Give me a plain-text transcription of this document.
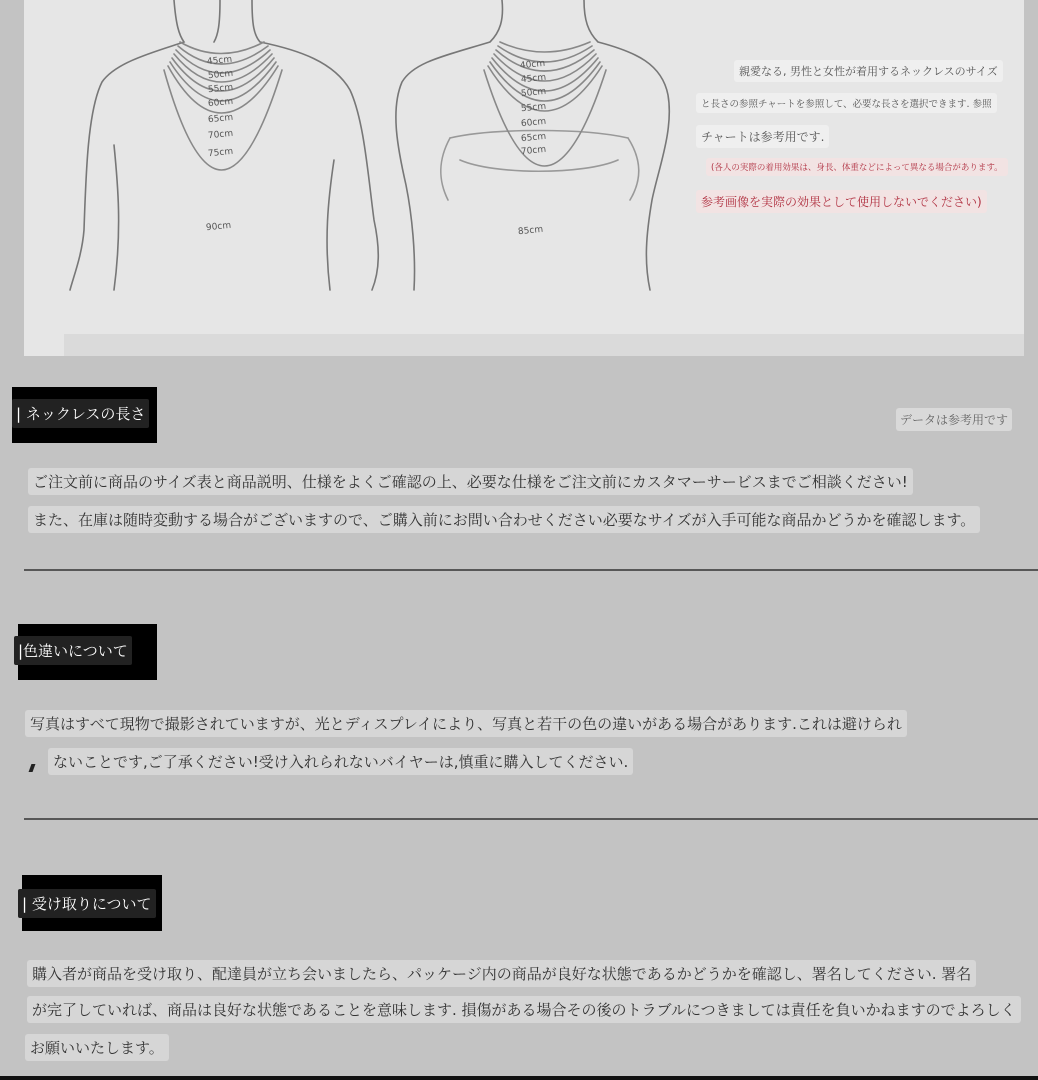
45cm
50cm
55cm
60cm
65cm
70cm
75cm
90cm
40cm
45cm
50cm
55cm
60cm
65cm
70cm
85cm
親愛なる, 男性と女性が着用するネックレスのサイズ
と長さの参照チャートを参照して、必要な長さを選択できます. 参照
チャートは参考用です.
(各人の実際の着用効果は、身長、体重などによって異なる場合があります。
参考画像を実際の効果として使用しないでください)
| ネックレスの長さ	データは参考用です
ご注文前に商品のサイズ表と商品説明、仕様をよくご確認の上、必要な仕様をご注文前にカスタマーサービスまでご相談ください!
また、在庫は随時変動する場合がございますので、ご購入前にお問い合わせください必要なサイズが入手可能な商品かどうかを確認します。
|色違いについて
写真はすべて現物で撮影されていますが、光とディスプレイにより、写真と若干の色の違いがある場合があります.これは避けられ
ないことです,ご了承ください!受け入れられないバイヤーは,慎重に購入してください.
| 受け取りについて
購入者が商品を受け取り、配達員が立ち会いましたら、パッケージ内の商品が良好な状態であるかどうかを確認し、署名してください. 署名
が完了していれば、商品は良好な状態であることを意味します. 損傷がある場合その後のトラブルにつきましては責任を負いかねますのでよろしく
お願いいたします。
